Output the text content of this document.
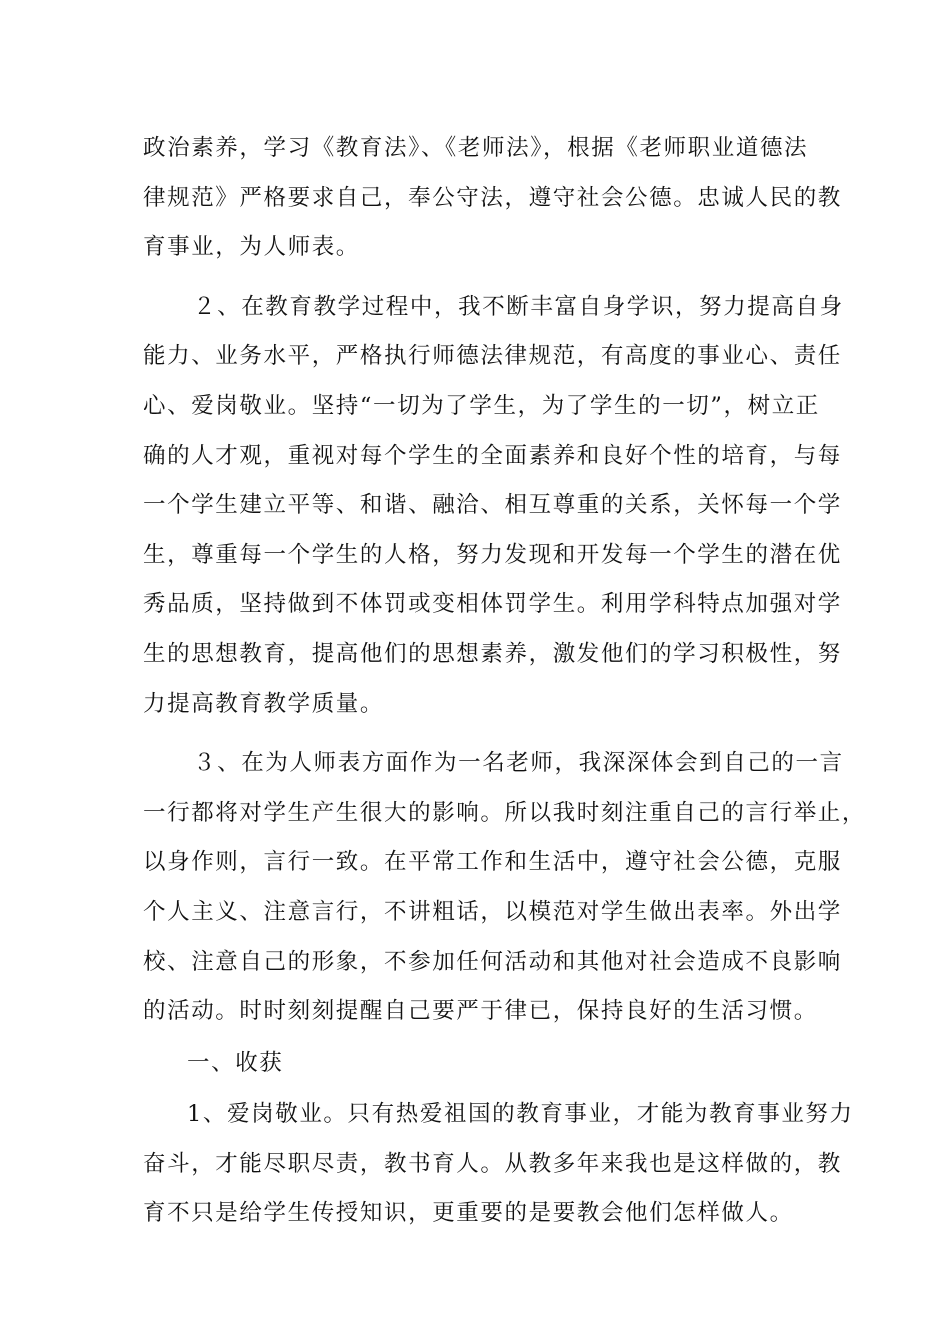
政治素养，学习《教育法》、《老师法》，根据《老师职业道德法
律规范》严格要求自己，奉公守法，遵守社会公德。忠诚人民的教
育事业，为人师表。
２、在教育教学过程中，我不断丰富自身学识，努力提高自身
能力、业务水平，严格执行师德法律规范，有高度的事业心、责任
心、爱岗敬业。坚持“一切为了学生，为了学生的一切”，树立正
确的人才观，重视对每个学生的全面素养和良好个性的培育，与每
一个学生建立平等、和谐、融洽、相互尊重的关系，关怀每一个学
生，尊重每一个学生的人格，努力发现和开发每一个学生的潜在优
秀品质，坚持做到不体罚或变相体罚学生。利用学科特点加强对学
生的思想教育，提高他们的思想素养，激发他们的学习积极性，努
力提高教育教学质量。
３、在为人师表方面作为一名老师，我深深体会到自己的一言
一行都将对学生产生很大的影响。所以我时刻注重自己的言行举止，
以身作则，言行一致。在平常工作和生活中，遵守社会公德，克服
个人主义、注意言行，不讲粗话，以模范对学生做出表率。外出学
校、注意自己的形象，不参加任何活动和其他对社会造成不良影响
的活动。时时刻刻提醒自己要严于律已，保持良好的生活习惯。
一、收获
1、爱岗敬业。只有热爱祖国的教育事业，才能为教育事业努力
奋斗，才能尽职尽责，教书育人。从教多年来我也是这样做的，教
育不只是给学生传授知识，更重要的是要教会他们怎样做人。
